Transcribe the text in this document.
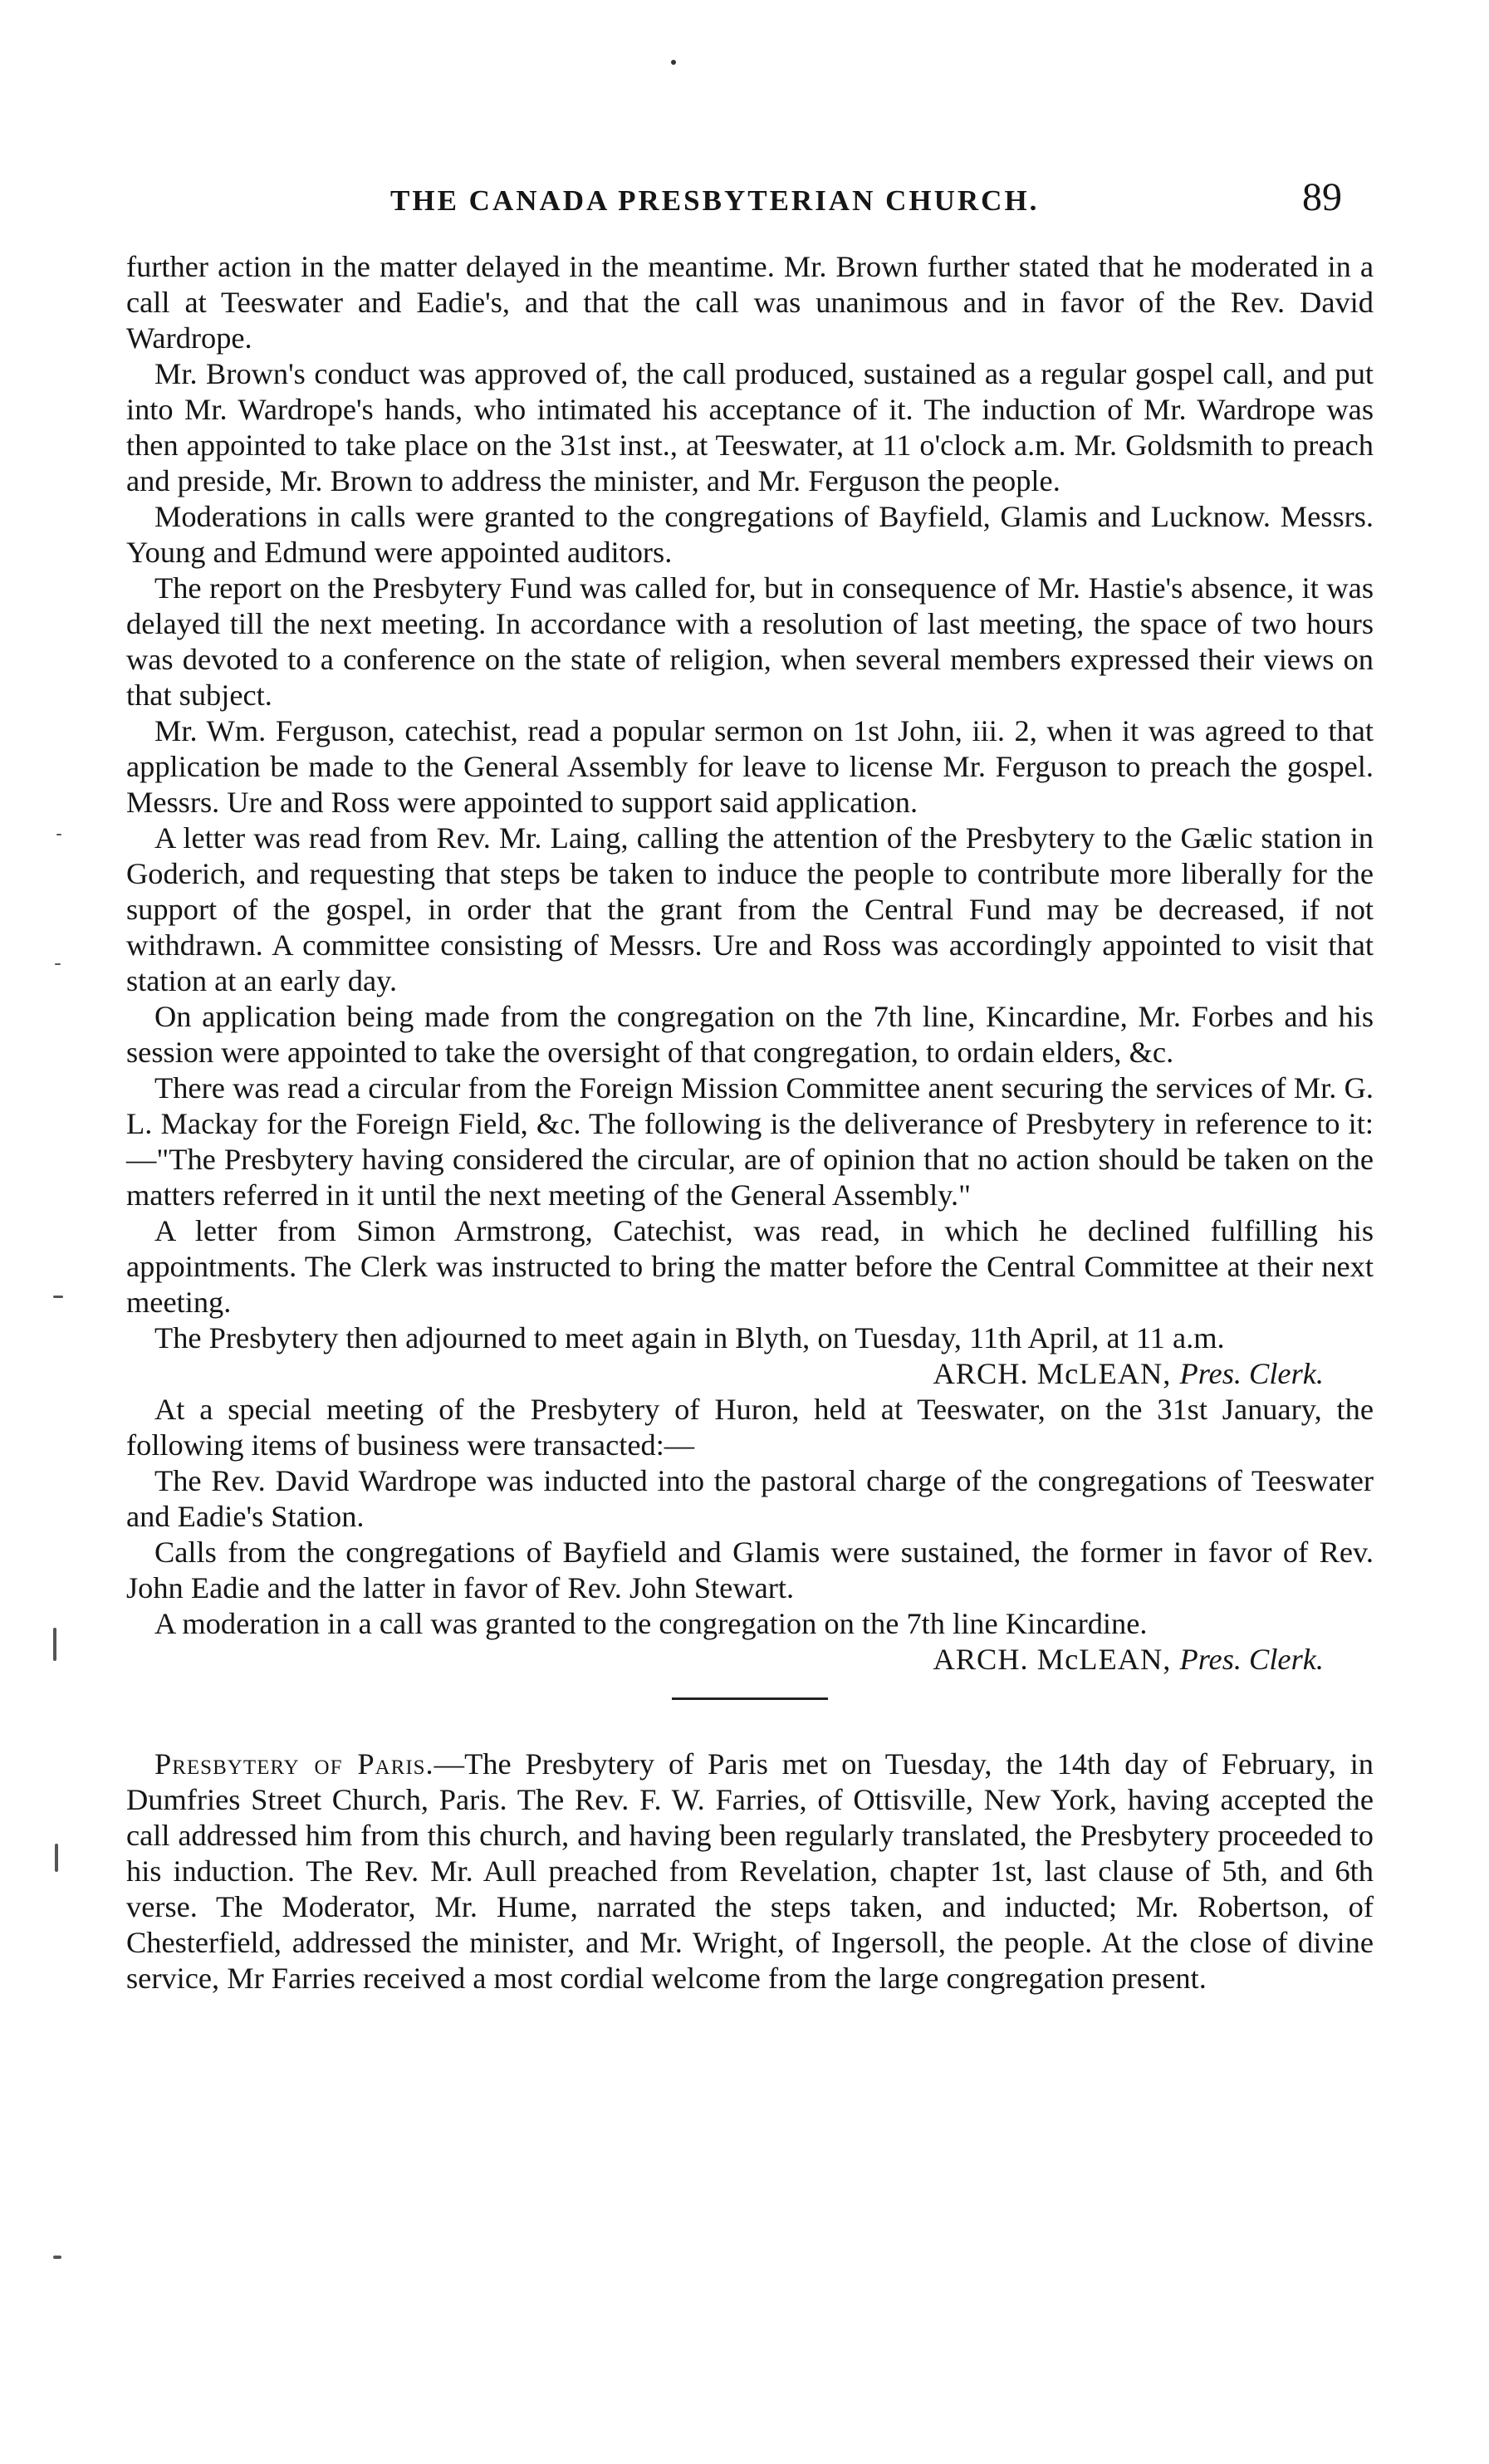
THE CANADA PRESBYTERIAN CHURCH.	89

further action in the matter delayed in the meantime. Mr. Brown further stated that he moderated in a call at Teeswater and Eadie's, and that the call was unanimous and in favor of the Rev. David Wardrope.

Mr. Brown's conduct was approved of, the call produced, sustained as a regular gospel call, and put into Mr. Wardrope's hands, who intimated his acceptance of it. The induction of Mr. Wardrope was then appointed to take place on the 31st inst., at Teeswater, at 11 o'clock a.m. Mr. Goldsmith to preach and preside, Mr. Brown to address the minister, and Mr. Ferguson the people.

Moderations in calls were granted to the congregations of Bayfield, Glamis and Lucknow. Messrs. Young and Edmund were appointed auditors.

The report on the Presbytery Fund was called for, but in consequence of Mr. Hastie's absence, it was delayed till the next meeting. In accordance with a resolution of last meeting, the space of two hours was devoted to a conference on the state of religion, when several members expressed their views on that subject.

Mr. Wm. Ferguson, catechist, read a popular sermon on 1st John, iii. 2, when it was agreed to that application be made to the General Assembly for leave to license Mr. Ferguson to preach the gospel. Messrs. Ure and Ross were appointed to support said application.

A letter was read from Rev. Mr. Laing, calling the attention of the Presbytery to the Gælic station in Goderich, and requesting that steps be taken to induce the people to contribute more liberally for the support of the gospel, in order that the grant from the Central Fund may be decreased, if not withdrawn. A committee consisting of Messrs. Ure and Ross was accordingly appointed to visit that station at an early day.

On application being made from the congregation on the 7th line, Kincardine, Mr. Forbes and his session were appointed to take the oversight of that congregation, to ordain elders, &c.

There was read a circular from the Foreign Mission Committee anent securing the services of Mr. G. L. Mackay for the Foreign Field, &c. The following is the deliverance of Presbytery in reference to it:—"The Presbytery having considered the circular, are of opinion that no action should be taken on the matters referred in it until the next meeting of the General Assembly."

A letter from Simon Armstrong, Catechist, was read, in which he declined fulfilling his appointments. The Clerk was instructed to bring the matter before the Central Committee at their next meeting.

The Presbytery then adjourned to meet again in Blyth, on Tuesday, 11th April, at 11 a.m.

ARCH. McLEAN, Pres. Clerk.

At a special meeting of the Presbytery of Huron, held at Teeswater, on the 31st January, the following items of business were transacted:—

The Rev. David Wardrope was inducted into the pastoral charge of the congregations of Teeswater and Eadie's Station.

Calls from the congregations of Bayfield and Glamis were sustained, the former in favor of Rev. John Eadie and the latter in favor of Rev. John Stewart.

A moderation in a call was granted to the congregation on the 7th line Kincardine.

ARCH. McLEAN, Pres. Clerk.

Presbytery of Paris.—The Presbytery of Paris met on Tuesday, the 14th day of February, in Dumfries Street Church, Paris. The Rev. F. W. Farries, of Ottisville, New York, having accepted the call addressed him from this church, and having been regularly translated, the Presbytery proceeded to his induction. The Rev. Mr. Aull preached from Revelation, chapter 1st, last clause of 5th, and 6th verse. The Moderator, Mr. Hume, narrated the steps taken, and inducted; Mr. Robertson, of Chesterfield, addressed the minister, and Mr. Wright, of Ingersoll, the people. At the close of divine service, Mr Farries received a most cordial welcome from the large congregation present.
